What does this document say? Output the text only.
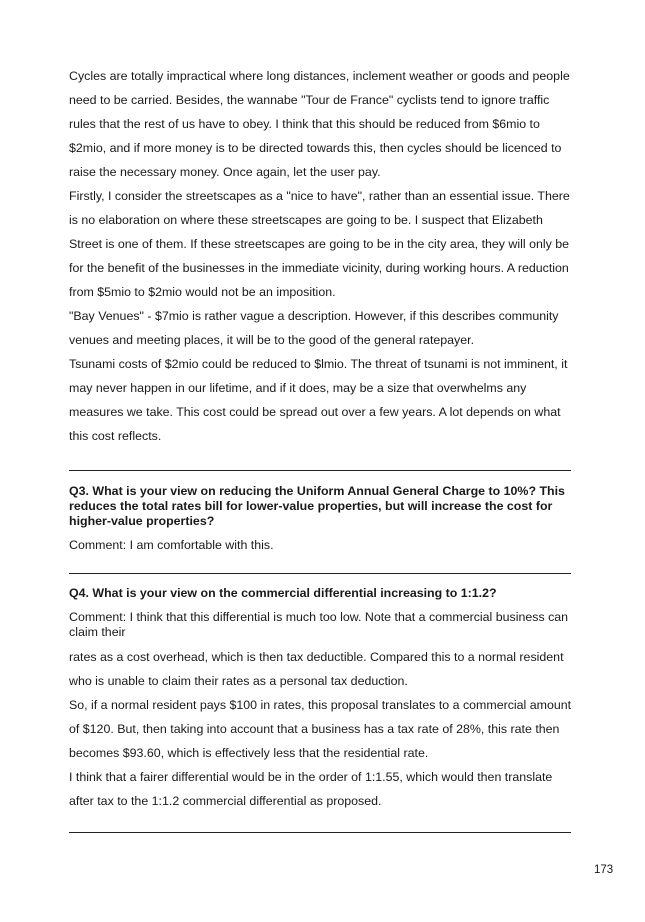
Cycles are totally impractical where long distances, inclement weather or goods and people need to be carried. Besides, the wannabe "Tour de France" cyclists tend to ignore traffic rules that the rest of us have to obey. I think that this should be reduced from $6mio to $2mio, and if more money is to be directed towards this, then cycles should be licenced to raise the necessary money. Once again, let the user pay.

Firstly, I consider the streetscapes as a "nice to have", rather than an essential issue. There is no elaboration on where these streetscapes are going to be. I suspect that Elizabeth Street is one of them. If these streetscapes are going to be in the city area, they will only be for the benefit of the businesses in the immediate vicinity, during working hours. A reduction from $5mio to $2mio would not be an imposition.

"Bay Venues" - $7mio is rather vague a description. However, if this describes community venues and meeting places, it will be to the good of the general ratepayer.

Tsunami costs of $2mio could be reduced to $lmio. The threat of tsunami is not imminent, it may never happen in our lifetime, and if it does, may be a size that overwhelms any measures we take. This cost could be spread out over a few years. A lot depends on what this cost reflects.

Q3. What is your view on reducing the Uniform Annual General Charge to 10%? This reduces the total rates bill for lower-value properties, but will increase the cost for higher-value properties?
Comment: I am comfortable with this.
Q4. What is your view on the commercial differential increasing to 1:1.2?
Comment: I think that this differential is much too low. Note that a commercial business can claim their
rates as a cost overhead, which is then tax deductible. Compared this to a normal resident
who is unable to claim their rates as a personal tax deduction.
So, if a normal resident pays $100 in rates, this proposal translates to a commercial amount
of $120. But, then taking into account that a business has a tax rate of 28%, this rate then
becomes $93.60, which is effectively less that the residential rate.
I think that a fairer differential would be in the order of 1:1.55, which would then translate
after tax to the 1:1.2 commercial differential as proposed.
173
